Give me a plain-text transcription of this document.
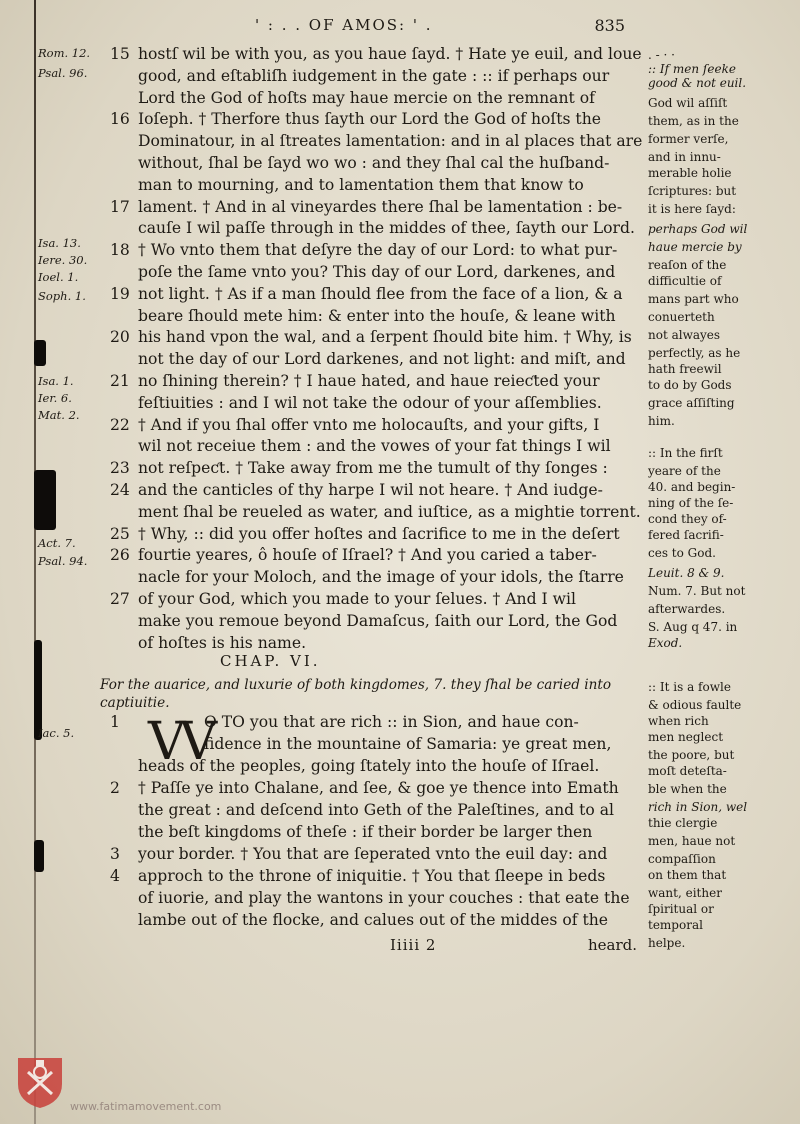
' : . . OF AMOS: ' .	835
Rom. 12.
Psal. 96.
Isa. 13.
Iere. 30.
Ioel. 1.
Soph. 1.
Isa. 1.
Ier. 6.
Mat. 2.
Act. 7.
Psal. 94.
Iac. 5.
15 hostſ wil be with you, as you haue ſayd. † Hate ye euil, and loue
good, and eſtabliſh iudgement in the gate : :: if perhaps our
Lord the God of hoſts may haue mercie on the remnant of
16 Ioſeph. † Therfore thus ſayth our Lord the God of hoſts the
Dominatour, in al ſtreates lamentation: and in al places that are
without, ſhal be ſayd wo wo : and they ſhal cal the huſband-
man to mourning, and to lamentation them that know to
17 lament. † And in al vineyardes there ſhal be lamentation : be-
cauſe I wil paſſe through in the middes of thee, ſayth our Lord.
18 † Wo vnto them that deſyre the day of our Lord: to what pur-
poſe the ſame vnto you? This day of our Lord, darkenes, and
19 not light. † As if a man ſhould flee from the face of a lion, & a
beare ſhould mete him: & enter into the houſe, & leane with
20 his hand vpon the wal, and a ſerpent ſhould bite him. † Why, is
not the day of our Lord darkenes, and not light: and miſt, and
21 no ſhining therein? † I haue hated, and haue reieƈted your
feſtiuities : and I wil not take the odour of your aſſemblies.
22 † And if you ſhal offer vnto me holocauſts, and your gifts, I
wil not receiue them : and the vowes of your fat things I wil
23 not reſpeƈt. † Take away from me the tumult of thy ſonges :
24 and the canticles of thy harpe I wil not heare. † And iudge-
ment ſhal be reueled as water, and iuſtice, as a mightie torrent.
25 † Why, :: did you offer hoſtes and ſacrifice to me in the deſert
26 fourtie yeares, ô houſe of Iſrael? † And you caried a taber-
nacle for your Moloch, and the image of your idols, the ſtarre
27 of your God, which you made to your ſelues. † And I wil
make you remoue beyond Damaſcus, ſaith our Lord, the God
of hoſtes is his name.
CHAP. VI.
For the auarice, and luxurie of both kingdomes, 7. they ſhal be caried into captiuitie.
VV
1	O TO you that are rich :: in Sion, and haue con-
fidence in the mountaine of Samaria: ye great men,
heads of the peoples, going ſtately into the houſe of Iſrael.
2 † Paſſe ye into Chalane, and ſee, & goe ye thence into Emath
the great : and deſcend into Geth of the Paleſtines, and to al
the beſt kingdoms of theſe : if their border be larger then
3 your border. † You that are ſeperated vnto the euil day: and
4 approch to the throne of iniquitie. † You that ſleepe in beds
of iuorie, and play the wantons in your couches : that eate the
lambe out of the flocke, and calues out of the middes of the
Iiiii 2	heard.
. - · ·
:: If men ſeeke
good & not euil.
God wil aſſiſt
them, as in the
former verſe,
and in innu-
merable holie
ſcriptures: but
it is here ſayd:
perhaps God wil
haue mercie by
reaſon of the
difficultie of
mans part who
conuerteth
not alwayes
perfectly, as he
hath freewil
to do by Gods
grace aſſiſting
him.
:: In the firſt
yeare of the
40. and begin-
ning of the ſe-
cond they of-
fered ſacrifi-
ces to God.
Leuit. 8 & 9.
Num. 7. But not
afterwardes.
S. Aug q 47. in
Exod.
:: It is a fowle
& odious faulte
when rich
men neglect
the poore, but
moſt deteſta-
ble when the
rich in Sion, wel
thie clergie
men, haue not
compaſſion
on them that
want, either
ſpiritual or
temporal
helpe.
www.fatimamovement.com
